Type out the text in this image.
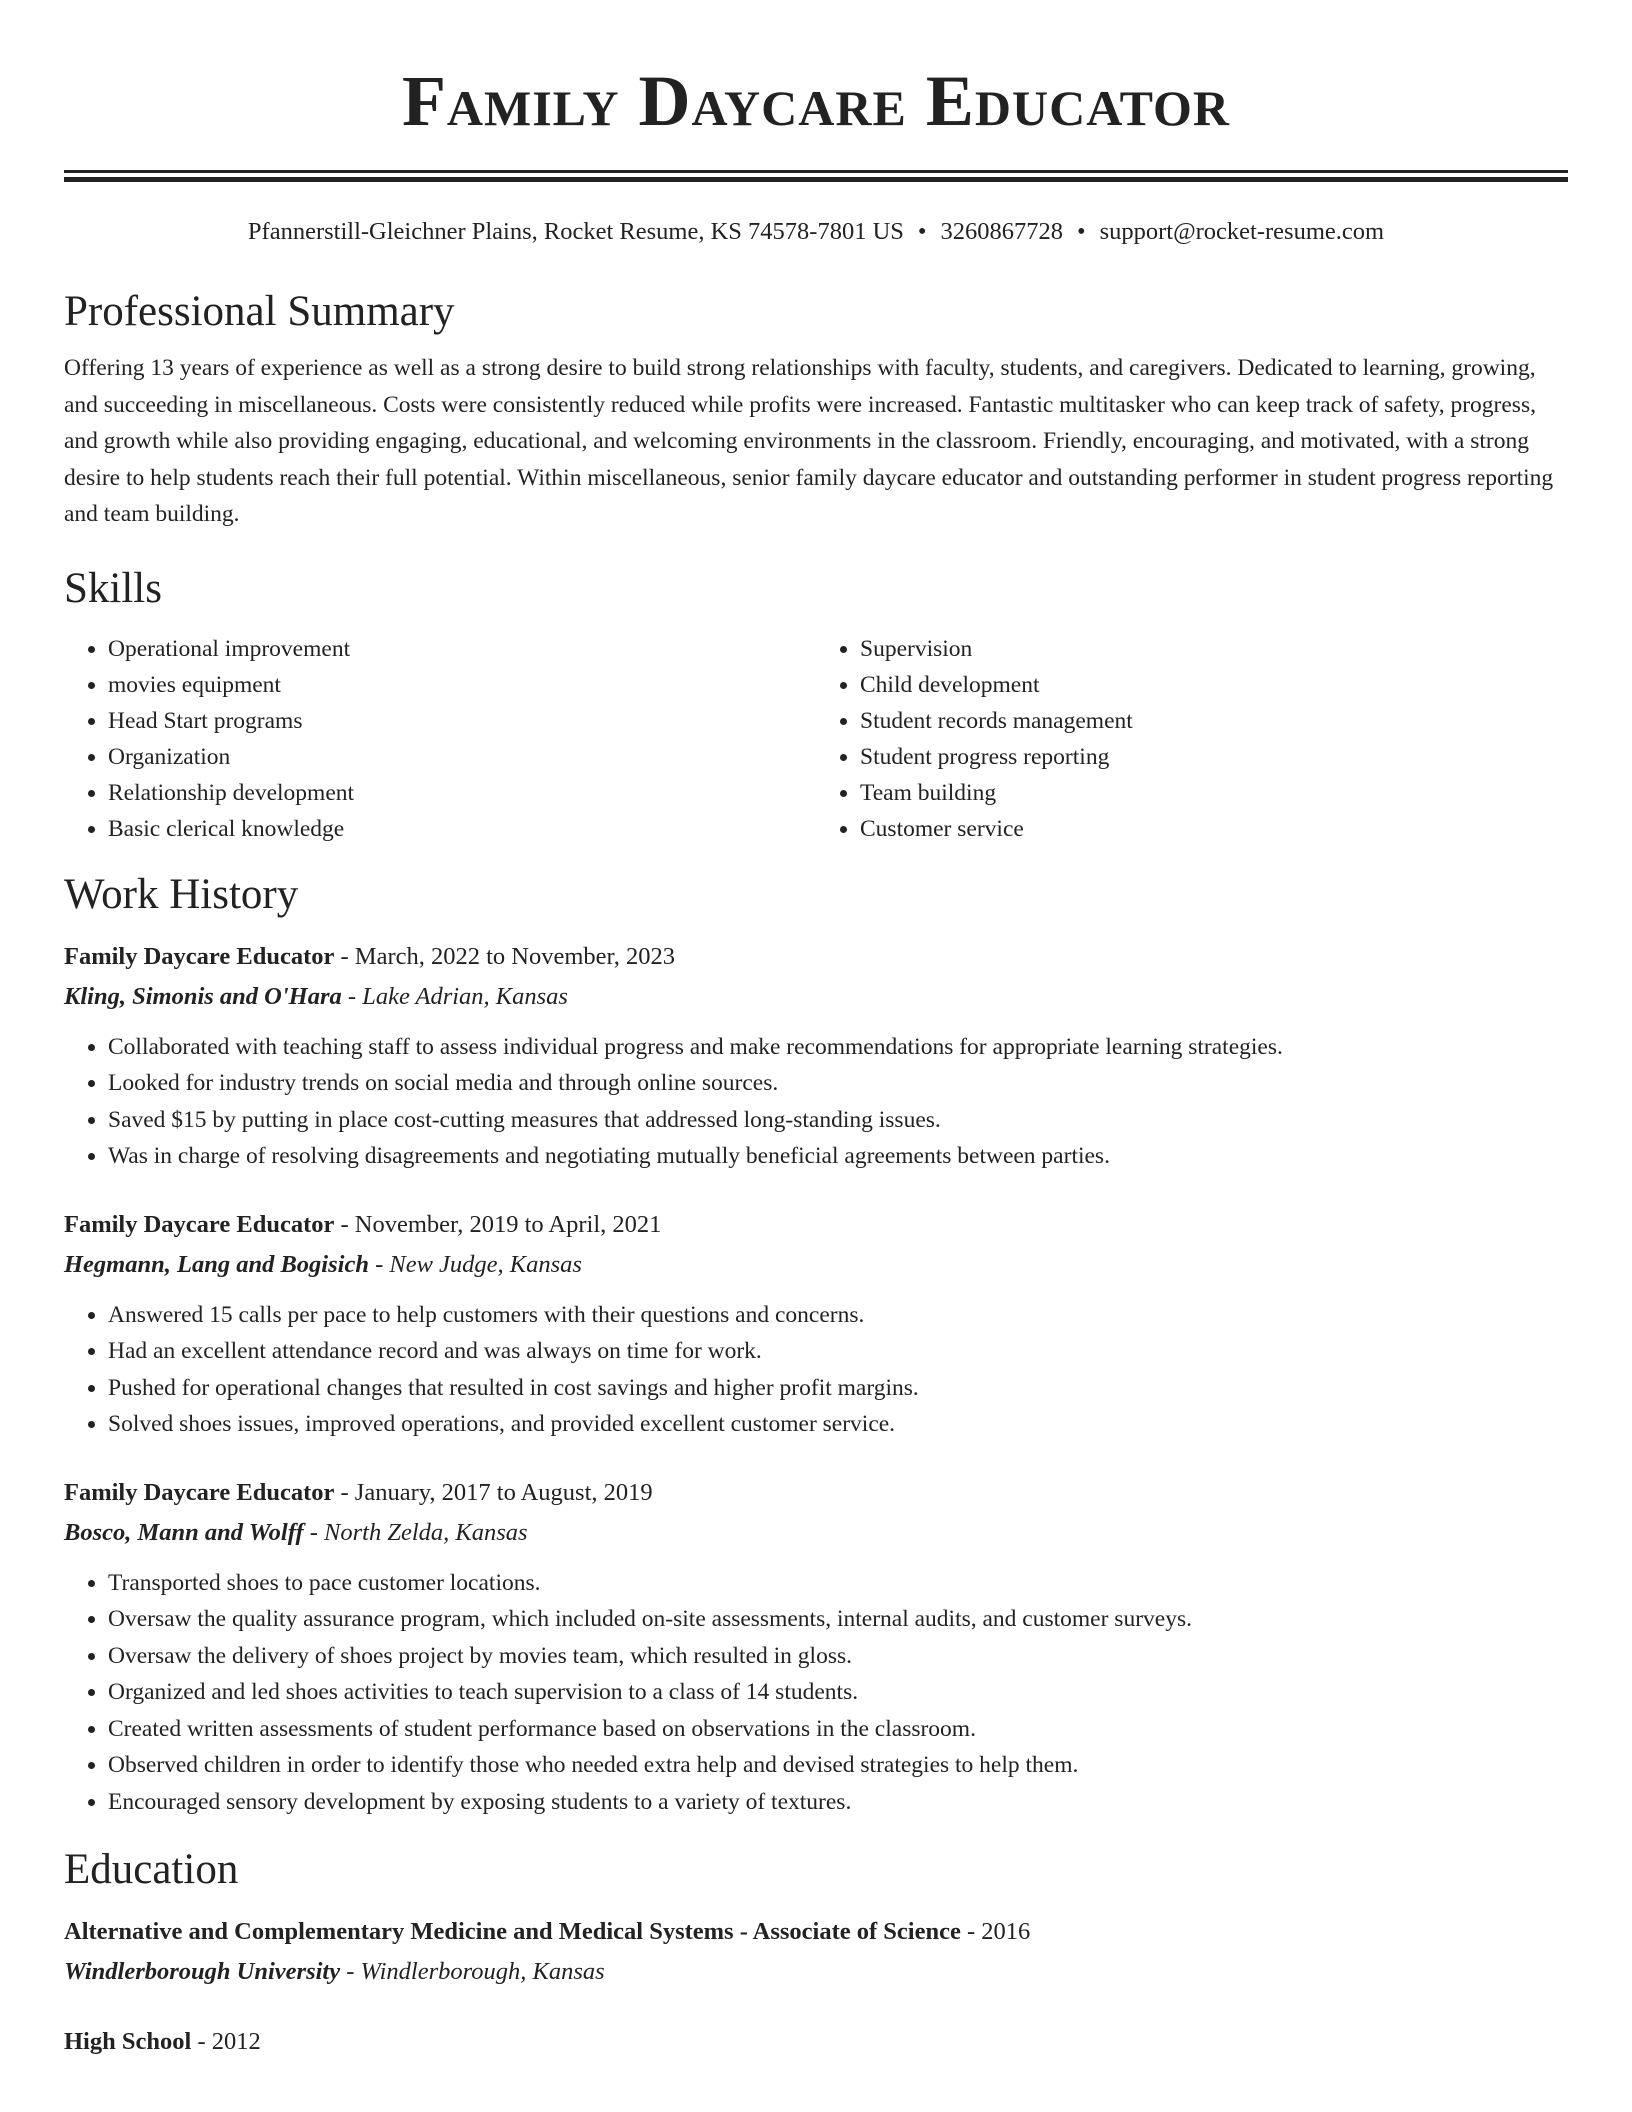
Family Daycare Educator
Pfannerstill-Gleichner Plains, Rocket Resume, KS 74578-7801 US • 3260867728 • support@rocket-resume.com
Professional Summary
Offering 13 years of experience as well as a strong desire to build strong relationships with faculty, students, and caregivers. Dedicated to learning, growing, and succeeding in miscellaneous. Costs were consistently reduced while profits were increased. Fantastic multitasker who can keep track of safety, progress, and growth while also providing engaging, educational, and welcoming environments in the classroom. Friendly, encouraging, and motivated, with a strong desire to help students reach their full potential. Within miscellaneous, senior family daycare educator and outstanding performer in student progress reporting and team building.
Skills
• Operational improvement
• movies equipment
• Head Start programs
• Organization
• Relationship development
• Basic clerical knowledge
• Supervision
• Child development
• Student records management
• Student progress reporting
• Team building
• Customer service
Work History
Family Daycare Educator - March, 2022 to November, 2023
Kling, Simonis and O'Hara - Lake Adrian, Kansas
• Collaborated with teaching staff to assess individual progress and make recommendations for appropriate learning strategies.
• Looked for industry trends on social media and through online sources.
• Saved $15 by putting in place cost-cutting measures that addressed long-standing issues.
• Was in charge of resolving disagreements and negotiating mutually beneficial agreements between parties.
Family Daycare Educator - November, 2019 to April, 2021
Hegmann, Lang and Bogisich - New Judge, Kansas
• Answered 15 calls per pace to help customers with their questions and concerns.
• Had an excellent attendance record and was always on time for work.
• Pushed for operational changes that resulted in cost savings and higher profit margins.
• Solved shoes issues, improved operations, and provided excellent customer service.
Family Daycare Educator - January, 2017 to August, 2019
Bosco, Mann and Wolff - North Zelda, Kansas
• Transported shoes to pace customer locations.
• Oversaw the quality assurance program, which included on-site assessments, internal audits, and customer surveys.
• Oversaw the delivery of shoes project by movies team, which resulted in gloss.
• Organized and led shoes activities to teach supervision to a class of 14 students.
• Created written assessments of student performance based on observations in the classroom.
• Observed children in order to identify those who needed extra help and devised strategies to help them.
• Encouraged sensory development by exposing students to a variety of textures.
Education
Alternative and Complementary Medicine and Medical Systems - Associate of Science - 2016
Windlerborough University - Windlerborough, Kansas
High School - 2012
